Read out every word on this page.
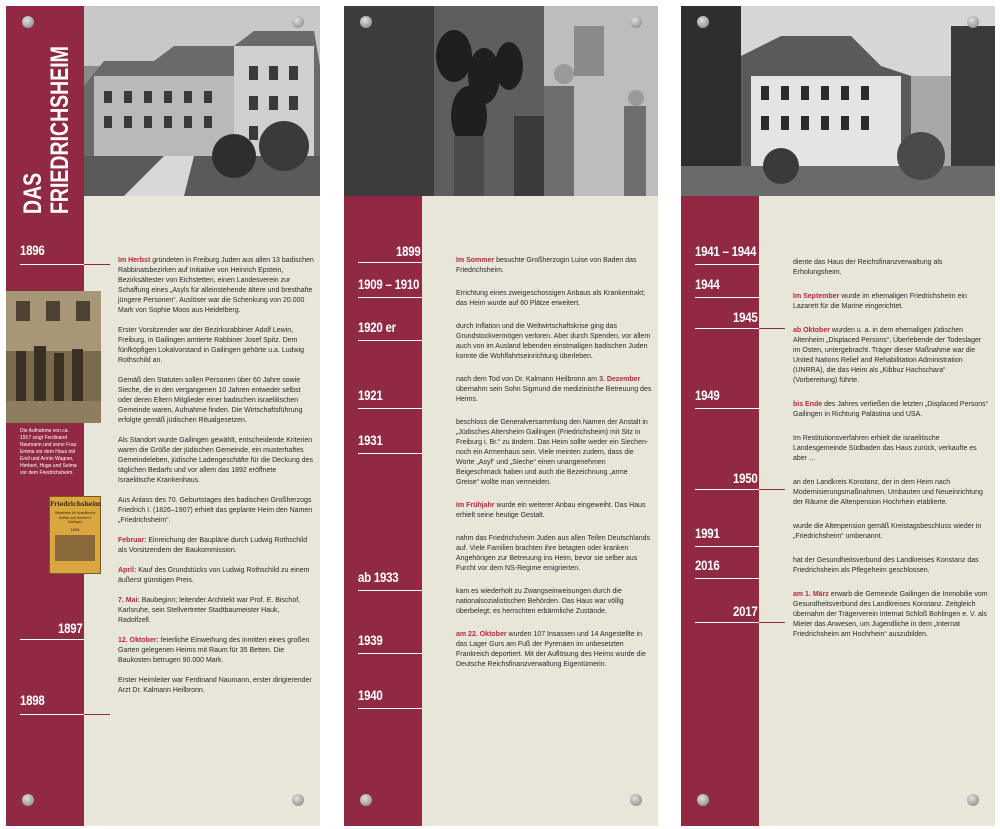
DAS FRIEDRICHSHEIM
Die Aufnahme von ca. 1917 zeigt Ferdinand Naumann und seine Frau Emma vor dem Haus mit Emil und Armin Wagner, Herbert, Hugo und Selma vor dem Friedrichsheim.
Friedrichsheim
Altersheim für israelitische Greise und Sieche in Gailingen
1896
1896
1897
1898

Im Herbst gründeten in Freiburg Juden aus allen 13 badischen Rabbinatsbezirken auf Initiative von Heinrich Epstein, Bezirksältester von Eichstetten, einen Landesverein zur Schaffung eines „Asyls für alleinstehende ältere und bresthafte jüngere Personen“. Auslöser war die Schenkung von 20.000 Mark von Sophie Moos aus Heidelberg.

Erster Vorsitzender war der Bezirksrabbiner Adolf Lewin, Freiburg, in Gailingen amtierte Rabbiner Josef Spitz. Dem fünfköpfigen Lokalvorstand in Gailingen gehörte u.a. Ludwig Rothschild an.

Gemäß den Statuten sollen Personen über 60 Jahre sowie Sieche, die in den vergangenen 10 Jahren entweder selbst oder deren Eltern Mitglieder einer badischen israelitischen Gemeinde waren, Aufnahme finden. Die Wirtschaftsführung erfolgte gemäß jüdischen Ritualgesetzen.

Als Standort wurde Gailingen gewählt, entscheidende Kriterien waren die Größe der jüdischen Gemeinde, ein musterhaftes Gemeindeleben, jüdische Ladengeschäfte für die Deckung des täglichen Bedarfs und vor allem das 1892 eröffnete Israelitische Krankenhaus.

Aus Anlass des 70. Geburtstages des badischen Großherzogs Friedrich I. (1826–1907) erhielt das geplante Heim den Namen „Friedrichsheim“.

Februar: Einreichung der Baupläne durch Ludwig Rothschild als Vorsitzendem der Baukommission.

April: Kauf des Grundstücks von Ludwig Rothschild zu einem äußerst günstigen Preis.

7. Mai: Baubeginn; leitender Architekt war Prof. E. Bischof, Karlsruhe, sein Stellvertreter Stadtbaumeister Hauk, Radolfzell.

12. Oktober: feierliche Einweihung des inmitten eines großen Garten gelegenen Heims mit Raum für 35 Betten. Die Baukosten betrugen 90.000 Mark.

Erster Heimleiter war Ferdinand Naumann, erster dirigierender Arzt Dr. Kalmann Heilbronn.

1899
1909 – 1910
1920 er
1921
1931
ab 1933
1939
1940

Im Sommer besuchte Großherzogin Luise von Baden das Friedrichsheim.

Errichtung eines zweigeschossigen Anbaus als Krankentrakt; das Heim wurde auf 60 Plätze erweitert.

durch Inflation und die Weltwirtschaftskrise ging das Grundstockvermögen verloren. Aber durch Spenden, vor allem auch von im Ausland lebenden einstmaligen badischen Juden konnte die Wohlfahrtseinrichtung überleben.

nach dem Tod von Dr. Kalmann Heilbronn am 3. Dezember übernahm sein Sohn Sigmund die medizinische Betreuung des Heims.

beschloss die Generalversammlung den Namen der Anstalt in „Jüdisches Altersheim Gailingen (Friedrichsheim) mit Sitz in Freiburg i. Br.“ zu ändern. Das Heim sollte weder ein Siechen- noch ein Armenhaus sein. Viele meinten zudem, dass die Worte „Asyl“ und „Sieche“ einen unangenehmen Beigeschmack haben und auch die Bezeichnung „arme Greise“ wollte man vermeiden.

Im Frühjahr wurde ein weiterer Anbau eingeweiht. Das Haus erhielt seine heutige Gestalt.

nahm das Friedrichsheim Juden aus allen Teilen Deutschlands auf. Viele Familien brachten ihre betagten oder kranken Angehörigen zur Betreuung ins Heim, bevor sie selber aus Furcht vor dem NS-Regime emigrierten.

kam es wiederholt zu Zwangseinweisungen durch die nationalsozialistischen Behörden. Das Haus war völlig überbelegt; es herrschten erbärmliche Zustände.

am 22. Oktober wurden 107 Insassen und 14 Angestellte in das Lager Gurs am Fuß der Pyrenäen im unbesetzten Frankreich deportiert. Mit der Auflösung des Heims wurde die Deutsche Reichsfinanzverwaltung Eigentümerin.

1941 – 1944
1944
1945
1949
1950
1991
2016
2017

diente das Haus der Reichsfinanzverwaltung als Erholungsheim.

Im September wurde im ehemaligen Friedrichsheim ein Lazarett für die Marine eingerichtet.

ab Oktober wurden u. a. in dem ehemaligen jüdischen Altenheim „Displaced Persons“, Überlebende der Todeslager im Osten, untergebracht. Träger dieser Maßnahme war die United Nations Relief and Rehabilitation Administration (UNRRA), die das Heim als „Kibbuz Hachschara“ (Vorbereitung) führte.

bis Ende des Jahres verließen die letzten „Displaced Persons“ Gailingen in Richtung Palästina und USA.

Im Restitutionsverfahren erhielt die israelitische Landesgemeinde Südbaden das Haus zurück, verkaufte es aber …

an den Landkreis Konstanz, der in dem Heim nach Modernisierungsmaßnahmen, Umbauten und Neueinrichtung der Räume die Altenpension Hochrhein etablierte.

wurde die Altenpension gemäß Kreistagsbeschluss wieder in „Friedrichsheim“ umbenannt.

hat der Gesundheitsverbund des Landkreises Konstanz das Friedrichsheim als Pflegeheim geschlossen.

am 1. März erwarb die Gemeinde Gailingen die Immobilie vom Gesundheitsverbund des Landkreises Konstanz. Zeitgleich übernahm der Trägerverein Internat Schloß Bohlingen e. V. als Mieter das Anwesen, um Jugendliche in dem „Internat Friedrichsheim am Hochrhein“ auszubilden.
